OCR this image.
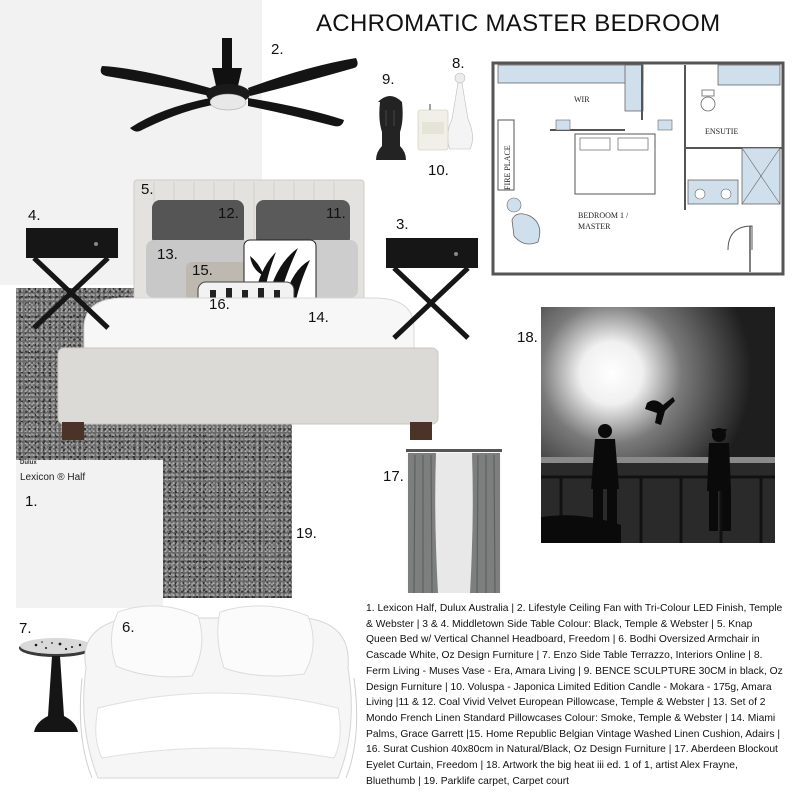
Dulux
Lexicon ® Half
ACHROMATIC MASTER BEDROOM
WIR
ENSUTIE
FIRE PLACE
BEDROOM 1 /
MASTER
1. Lexicon Half, Dulux Australia | 2. Lifestyle Ceiling Fan with Tri-Colour LED Finish, Temple & Webster | 3 & 4. Middletown Side Table Colour: Black, Temple & Webster | 5. Knap Queen Bed w/ Vertical Channel Headboard, Freedom | 6. Bodhi Oversized Armchair in Cascade White, Oz Design Furniture | 7. Enzo Side Table Terrazzo, Interiors Online | 8. Ferm Living - Muses Vase - Era, Amara Living | 9. BENCE SCULPTURE 30CM in black, Oz Design Furniture | 10. Voluspa - Japonica Limited Edition Candle - Mokara - 175g, Amara Living |11 & 12. Coal Vivid Velvet European Pillowcase, Temple & Webster | 13. Set of 2 Mondo French Linen Standard Pillowcases Colour: Smoke, Temple & Webster | 14. Miami Palms, Grace Garrett |15. Home Republic Belgian Vintage Washed Linen Cushion, Adairs | 16. Surat Cushion 40x80cm in Natural/Black, Oz Design Furniture | 17. Aberdeen Blockout Eyelet Curtain, Freedom | 18. Artwork the big heat iii ed. 1 of 1, artist Alex Frayne, Bluethumb | 19. Parklife carpet, Carpet court
1.
2.
3.
4.
5.
6.
7.
8.
9.
10.
11.
12.
13.
14.
15.
16.
17.
18.
19.
